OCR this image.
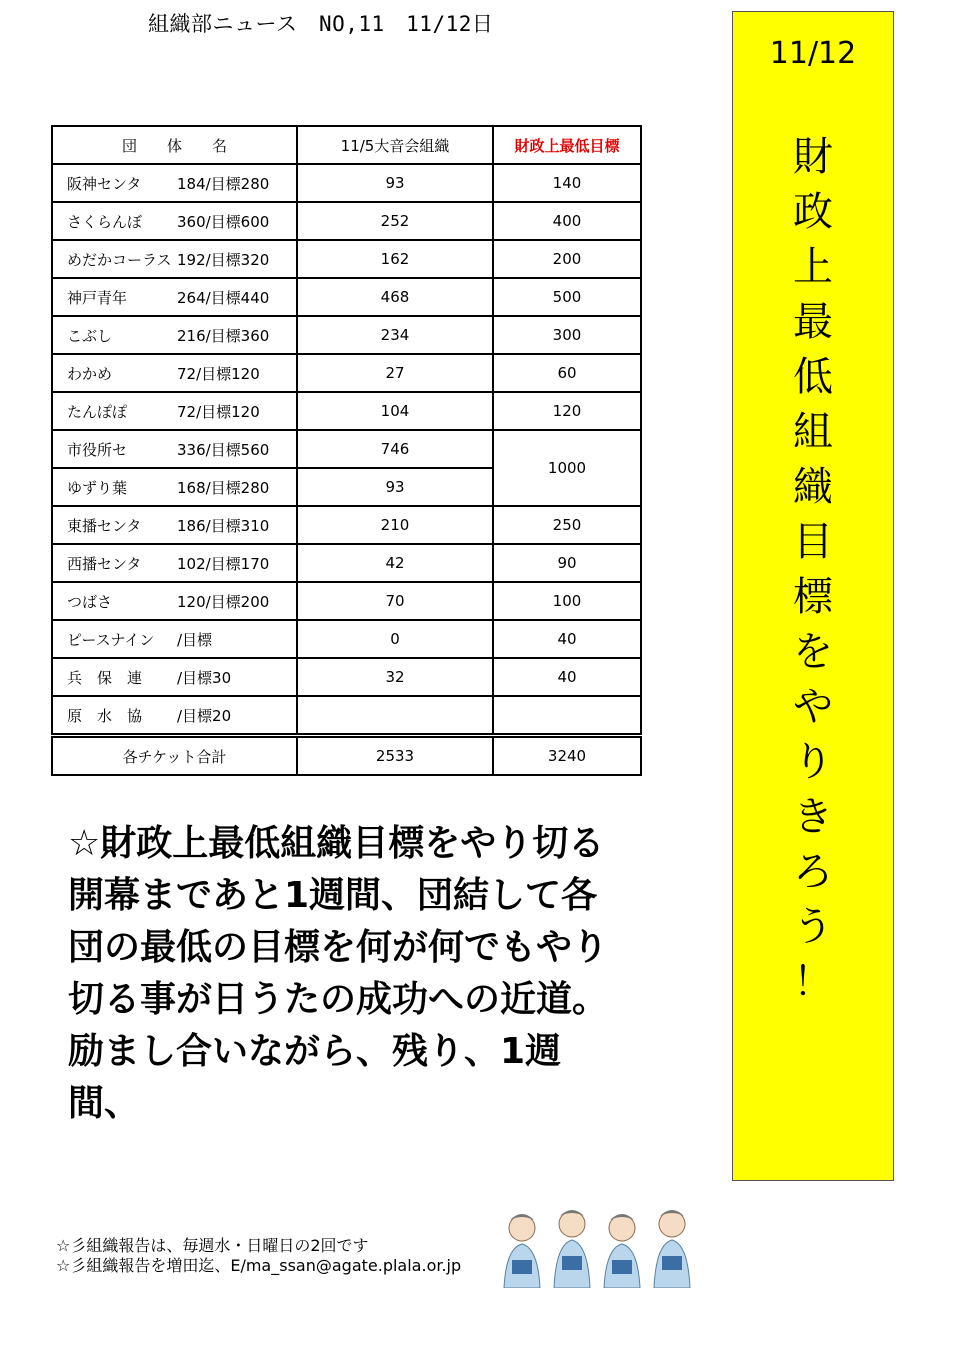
組織部ニュース　NO,11　11/12日
団　　体　　名	11/5大音会組織	財政上最低目標
阪神センタ 184/目標280	93	140
さくらんぼ 360/目標600	252	400
めだかコーラス 192/目標320	162	200
神戸青年 264/目標440	468	500
こぶし 216/目標360	234	300
わかめ 72/目標120	27	60
たんぽぽ 72/目標120	104	120
市役所セ 336/目標560	746	1000
ゆずり葉 168/目標280	93	
東播センタ 186/目標310	210	250
西播センタ 102/目標170	42	90
つばさ 120/目標200	70	100
ピースナイン /目標	0	40
兵　保　連 /目標30	32	40
原　水　協 /目標20		
各チケット合計	2533	3240
11/12
財
政
上
最
低
組
織
目
標
を
や
り
き
ろ
う
！

☆財政上最低組織目標をやり切る

開幕まであと1週間、団結して各団の最低の目標を何が何でもやり切る事が日うたの成功への近道。

励まし合いながら、残り、1週間、

☆彡組織報告は、毎週水・日曜日の2回です
☆彡組織報告を増田迄、E/ma_ssan@agate.plala.or.jp
